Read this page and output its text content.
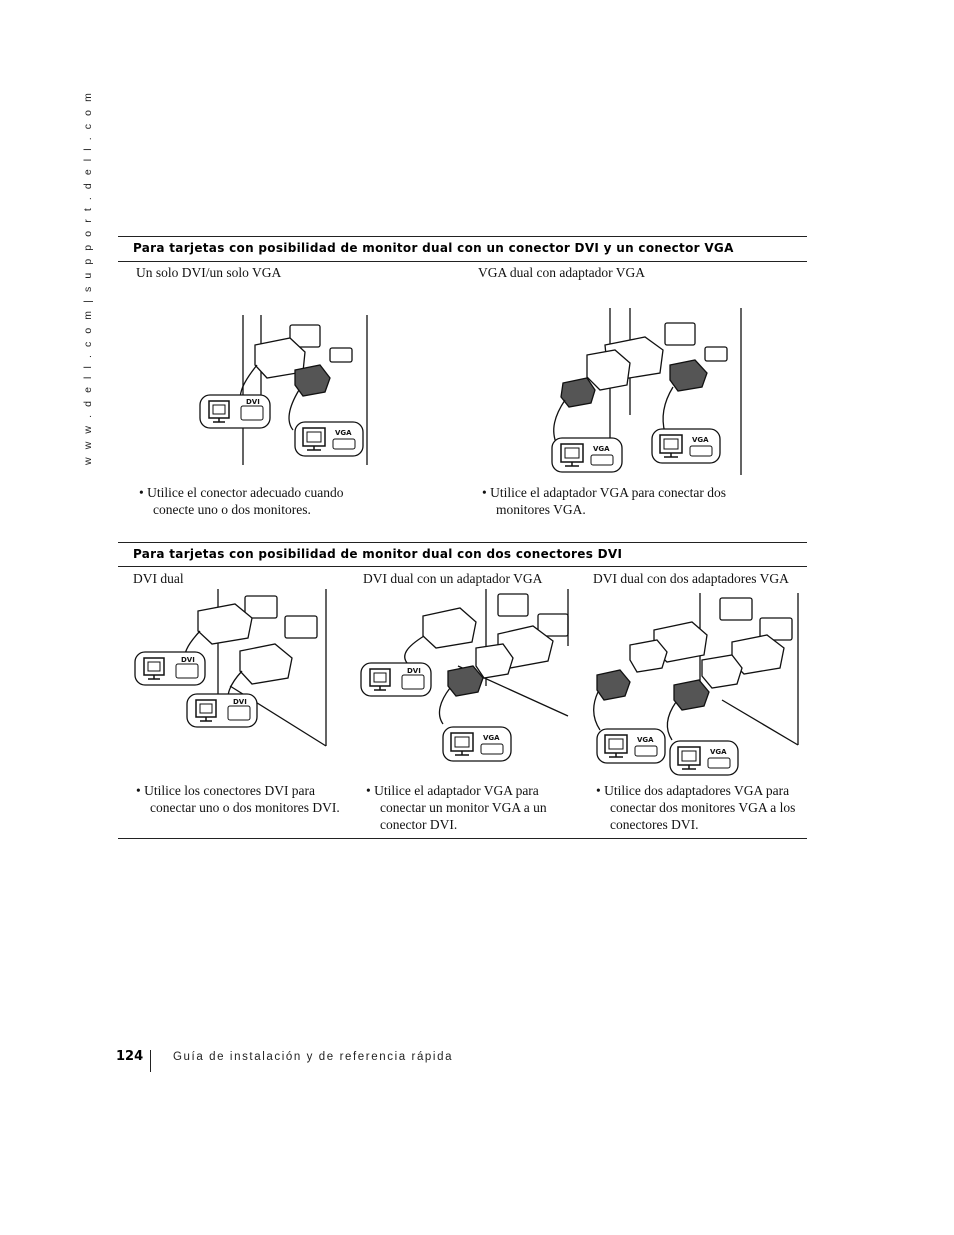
w w w . d e l l . c o m | s u p p o r t . d e l l . c o m	Para tarjetas con posibilidad de monitor dual con un conector DVI y un conector VGA
Un solo DVI/un solo VGA	VGA dual con adaptador VGA
DVI
VGA
VGA
VGA
• Utilice el conector adecuado cuando conecte uno o dos monitores.
• Utilice el adaptador VGA para conectar dos monitores VGA.
Para tarjetas con posibilidad de monitor dual con dos conectores DVI
DVI dual	DVI dual con un adaptador VGA	DVI dual con dos adaptadores VGA
DVI
DVI
DVI
VGA	VGA
VGA
• Utilice los conectores DVI para conectar uno o dos monitores DVI.
• Utilice el adaptador VGA para conectar un monitor VGA a un conector DVI.
• Utilice dos adaptadores VGA para conectar dos monitores VGA a los conectores DVI.
124	Guía de instalación y de referencia rápida
